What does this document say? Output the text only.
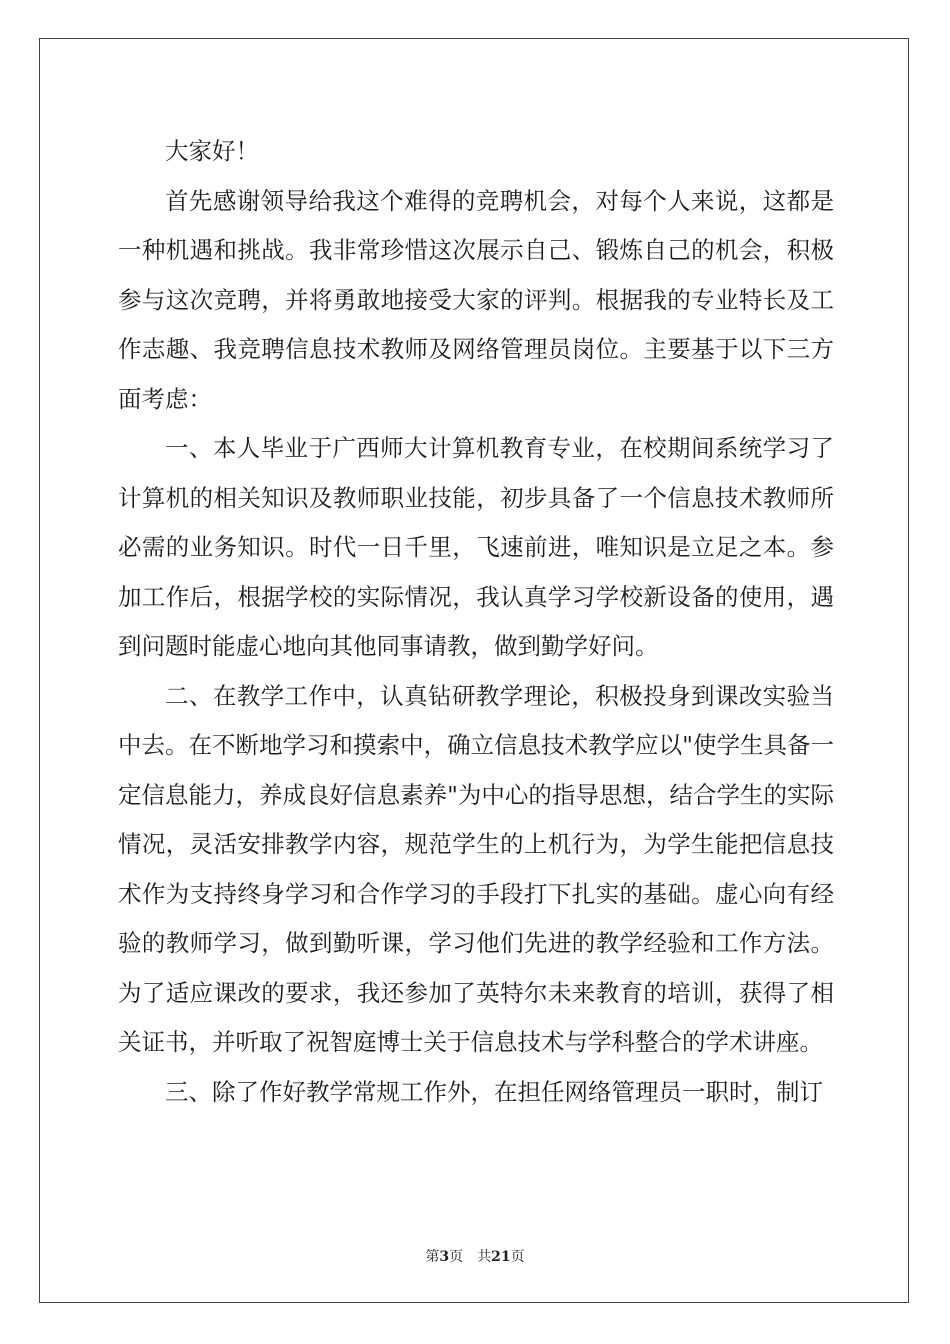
大家好！

首先感谢领导给我这个难得的竞聘机会，对每个人来说，这都是一种机遇和挑战。我非常珍惜这次展示自己、锻炼自己的机会，积极参与这次竞聘，并将勇敢地接受大家的评判。根据我的专业特长及工作志趣、我竞聘信息技术教师及网络管理员岗位。主要基于以下三方面考虑：

一、本人毕业于广西师大计算机教育专业，在校期间系统学习了计算机的相关知识及教师职业技能，初步具备了一个信息技术教师所必需的业务知识。时代一日千里，飞速前进，唯知识是立足之本。参加工作后，根据学校的实际情况，我认真学习学校新设备的使用，遇到问题时能虚心地向其他同事请教，做到勤学好问。

二、在教学工作中，认真钻研教学理论，积极投身到课改实验当中去。在不断地学习和摸索中，确立信息技术教学应以"使学生具备一定信息能力，养成良好信息素养"为中心的指导思想，结合学生的实际情况，灵活安排教学内容，规范学生的上机行为，为学生能把信息技术作为支持终身学习和合作学习的手段打下扎实的基础。虚心向有经验的教师学习，做到勤听课，学习他们先进的教学经验和工作方法。为了适应课改的要求，我还参加了英特尔未来教育的培训，获得了相关证书，并听取了祝智庭博士关于信息技术与学科整合的学术讲座。

三、除了作好教学常规工作外，在担任网络管理员一职时，制订

第3页　共21页
